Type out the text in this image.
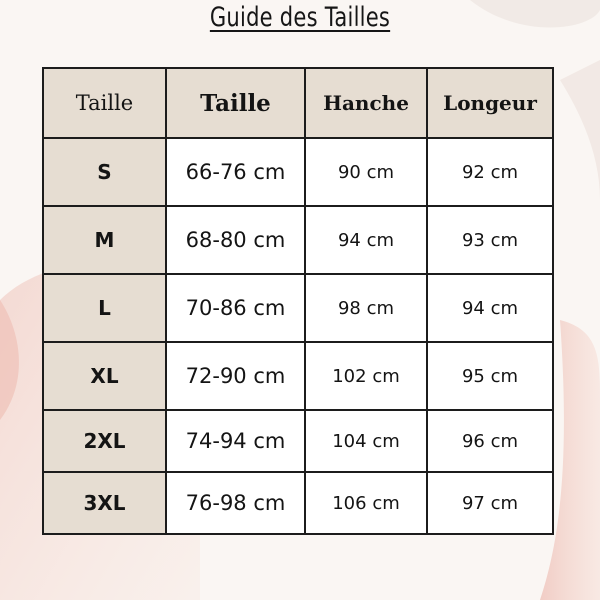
Guide des Tailles
Taille	Taille	Hanche	Longeur
S	66-76 cm	90 cm	92 cm
M	68-80 cm	94 cm	93 cm
L	70-86 cm	98 cm	94 cm
XL	72-90 cm	102 cm	95 cm
2XL	74-94 cm	104 cm	96 cm
3XL	76-98 cm	106 cm	97 cm
